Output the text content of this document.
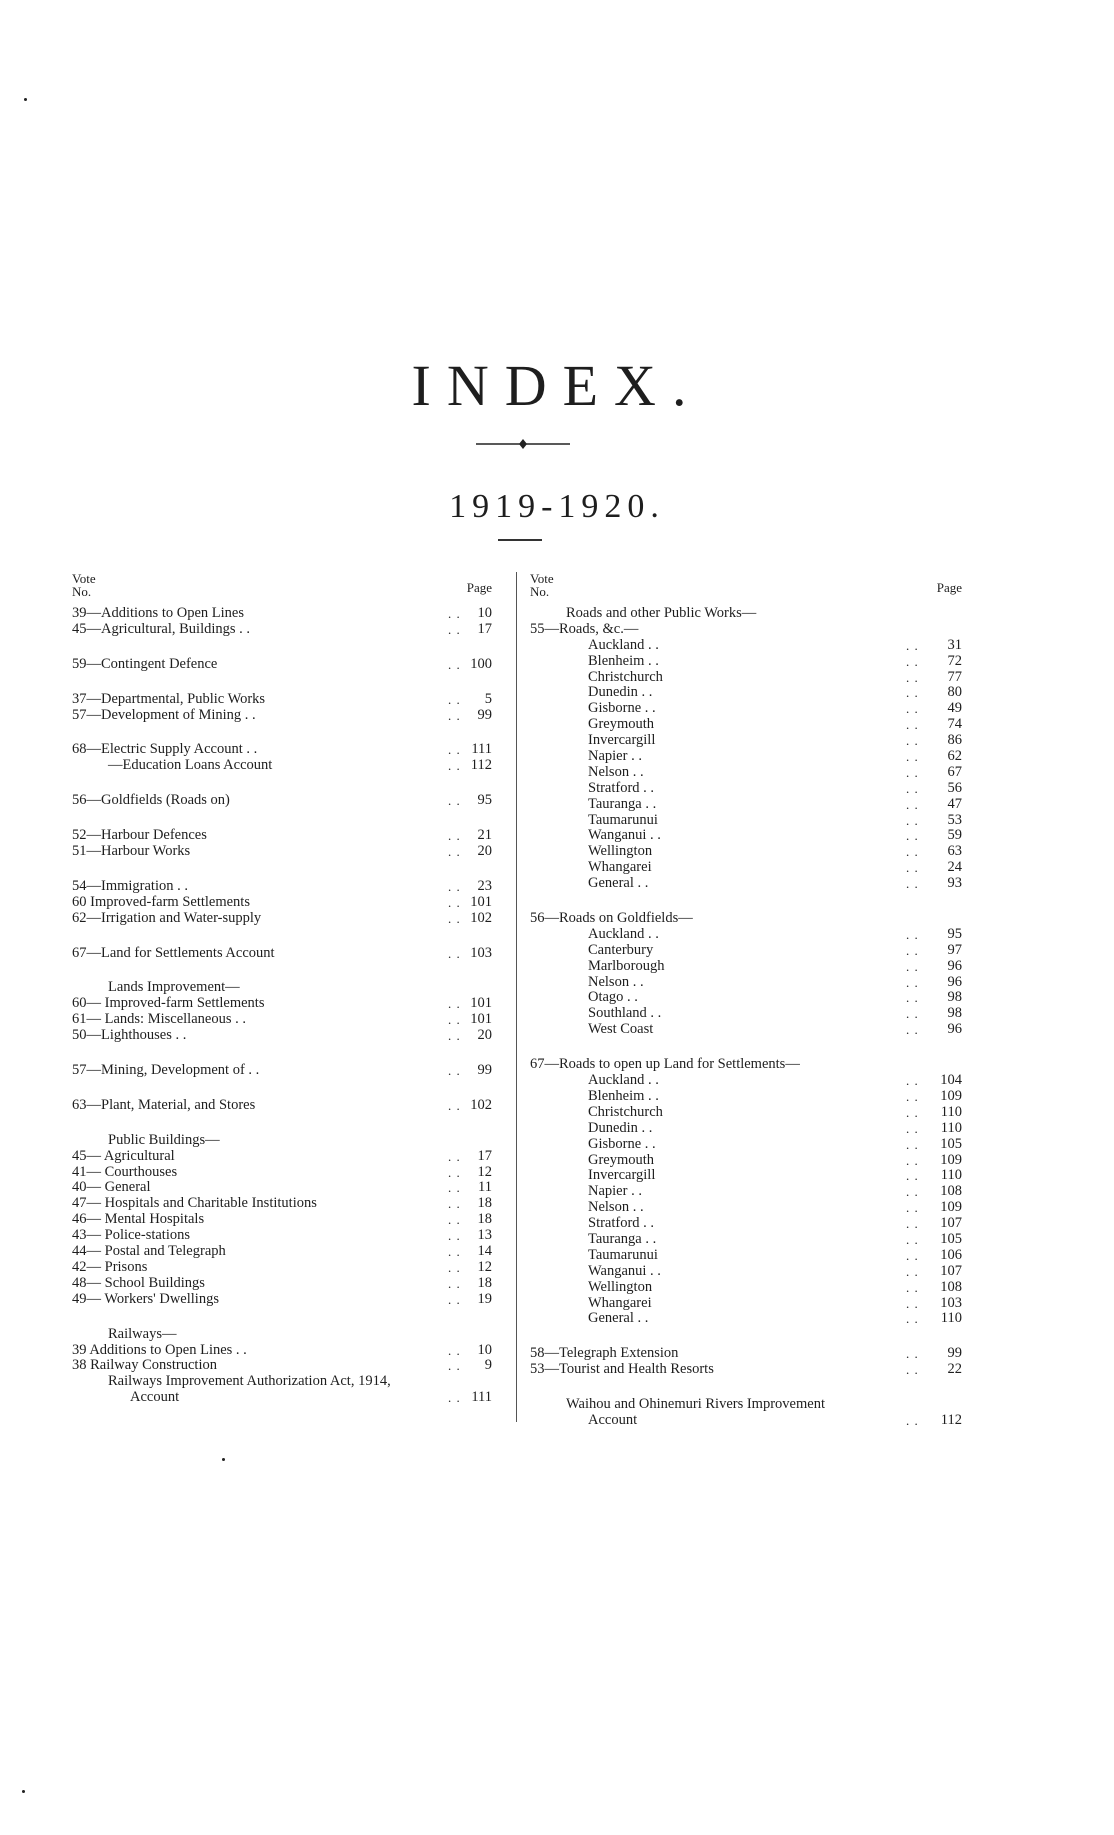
INDEX.
1919-1920.
Vote
No.	Page
39—Additions to Open Lines	. . 10
45—Agricultural, Buildings . .	. . 17
59—Contingent Defence	. . 100
37—Departmental, Public Works	. . 5
57—Development of Mining . .	. . 99
68—Electric Supply Account . .	. . 111
—Education Loans Account	. . 112
56—Goldfields (Roads on)	. . 95
52—Harbour Defences	. . 21
51—Harbour Works	. . 20
54—Immigration . .	. . 23
60 Improved-farm Settlements	. . 101
62—Irrigation and Water-supply	. . 102
67—Land for Settlements Account	. . 103
Lands Improvement—
60— Improved-farm Settlements	. . 101
61— Lands: Miscellaneous . .	. . 101
50—Lighthouses . .	. . 20
57—Mining, Development of . .	. . 99
63—Plant, Material, and Stores	. . 102
Public Buildings—
45— Agricultural	. . 17
41— Courthouses	. . 12
40— General	. . 11
47— Hospitals and Charitable Institutions	. . 18
46— Mental Hospitals	. . 18
43— Police-stations	. . 13
44— Postal and Telegraph	. . 14
42— Prisons	. . 12
48— School Buildings	. . 18
49— Workers' Dwellings	. . 19
Railways—
39 Additions to Open Lines . .	. . 10
38 Railway Construction	. . 9
Railways Improvement Authorization Act, 1914,
Account	. . 111
Vote
No.	Page
Roads and other Public Works—
55—Roads, &c.—
Auckland . .	. . 31
Blenheim . .	. . 72
Christchurch	. . 77
Dunedin . .	. . 80
Gisborne . .	. . 49
Greymouth	. . 74
Invercargill	. . 86
Napier . .	. . 62
Nelson . .	. . 67
Stratford . .	. . 56
Tauranga . .	. . 47
Taumarunui	. . 53
Wanganui . .	. . 59
Wellington	. . 63
Whangarei	. . 24
General . .	. . 93
56—Roads on Goldfields—
Auckland . .	. . 95
Canterbury	. . 97
Marlborough	. . 96
Nelson . .	. . 96
Otago . .	. . 98
Southland . .	. . 98
West Coast	. . 96
67—Roads to open up Land for Settlements—
Auckland . .	. . 104
Blenheim . .	. . 109
Christchurch	. . 110
Dunedin . .	. . 110
Gisborne . .	. . 105
Greymouth	. . 109
Invercargill	. . 110
Napier . .	. . 108
Nelson . .	. . 109
Stratford . .	. . 107
Tauranga . .	. . 105
Taumarunui	. . 106
Wanganui . .	. . 107
Wellington	. . 108
Whangarei	. . 103
General . .	. . 110
58—Telegraph Extension	. . 99
53—Tourist and Health Resorts	. . 22
Waihou and Ohinemuri Rivers Improvement
Account	. . 112
